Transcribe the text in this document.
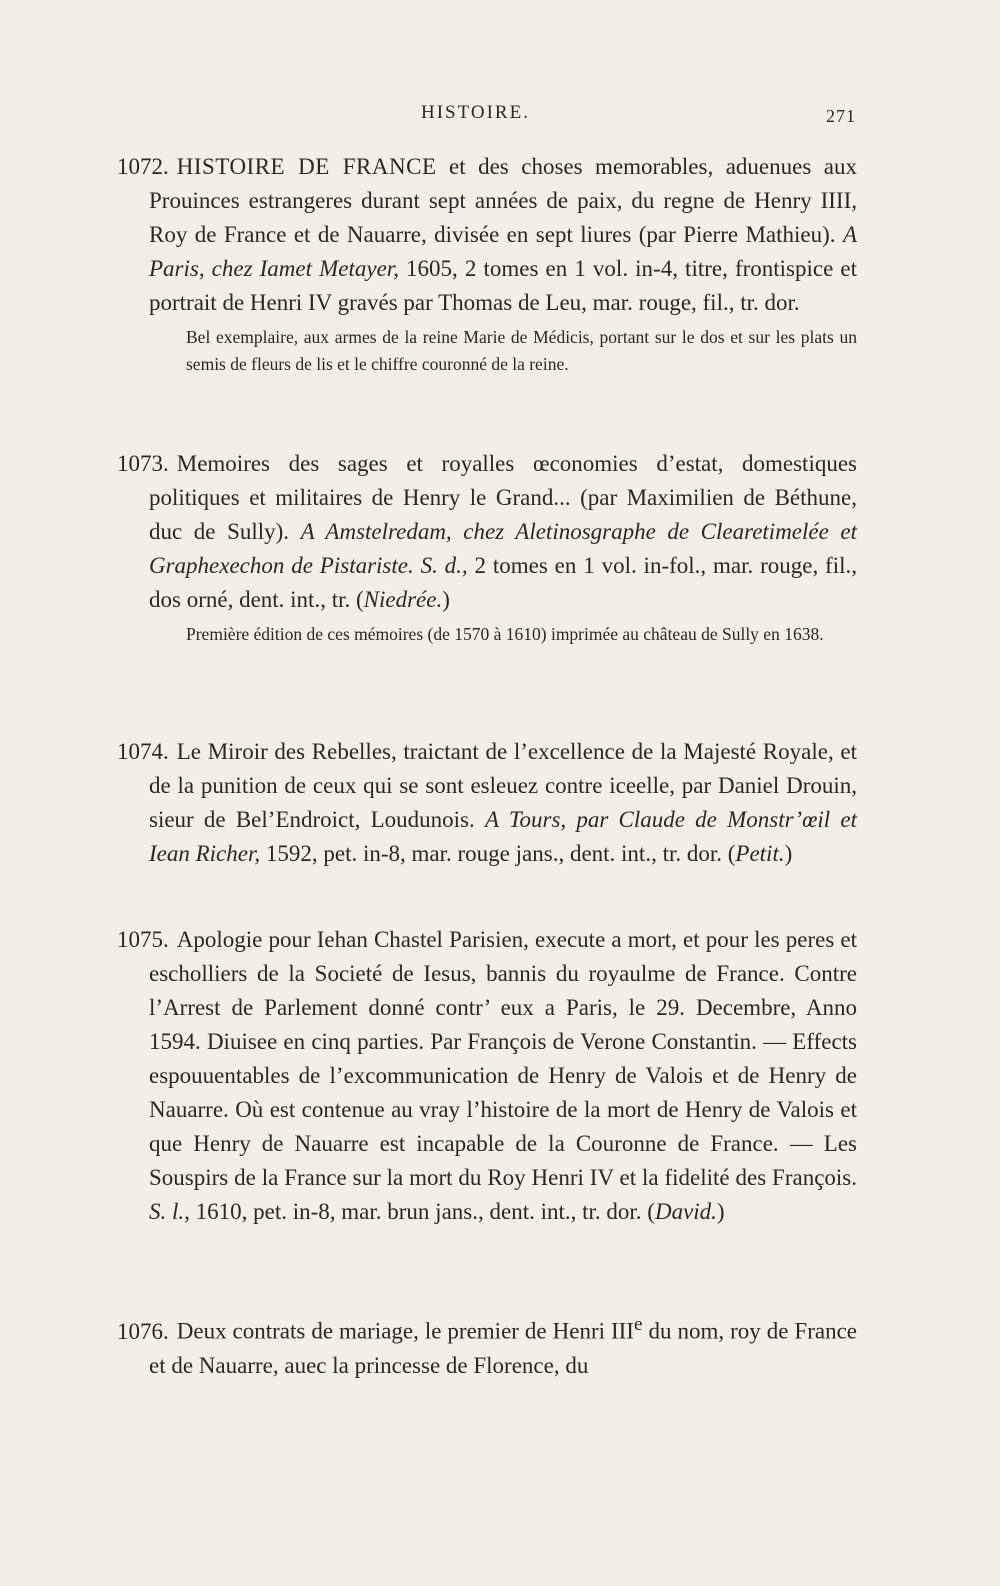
HISTOIRE.	271
1072. HISTOIRE DE FRANCE et des choses memorables, aduenues aux Prouinces estrangeres durant sept années de paix, du regne de Henry IIII, Roy de France et de Nauarre, divisée en sept liures (par Pierre Mathieu). A Paris, chez Iamet Metayer, 1605, 2 tomes en 1 vol. in-4, titre, frontispice et portrait de Henri IV gravés par Thomas de Leu, mar. rouge, fil., tr. dor.
Bel exemplaire, aux armes de la reine Marie de Médicis, portant sur le dos et sur les plats un semis de fleurs de lis et le chiffre couronné de la reine.
1073. Memoires des sages et royalles œconomies d’estat, domestiques politiques et militaires de Henry le Grand... (par Maximilien de Béthune, duc de Sully). A Amstelredam, chez Aletinosgraphe de Clearetimelée et Graphexechon de Pistariste. S. d., 2 tomes en 1 vol. in-fol., mar. rouge, fil., dos orné, dent. int., tr. (Niedrée.)
Première édition de ces mémoires (de 1570 à 1610) imprimée au château de Sully en 1638.
1074. Le Miroir des Rebelles, traictant de l’excellence de la Majesté Royale, et de la punition de ceux qui se sont esleuez contre iceelle, par Daniel Drouin, sieur de Bel’Endroict, Loudunois. A Tours, par Claude de Monstr’œil et Iean Richer, 1592, pet. in-8, mar. rouge jans., dent. int., tr. dor. (Petit.)
1075. Apologie pour Iehan Chastel Parisien, execute a mort, et pour les peres et escholliers de la Societé de Iesus, bannis du royaulme de France. Contre l’Arrest de Parlement donné contr’ eux a Paris, le 29. Decembre, Anno 1594. Diuisee en cinq parties. Par François de Verone Constantin. — Effects espouuentables de l’excommunication de Henry de Valois et de Henry de Nauarre. Où est contenue au vray l’histoire de la mort de Henry de Valois et que Henry de Nauarre est incapable de la Couronne de France. — Les Souspirs de la France sur la mort du Roy Henri IV et la fidelité des François. S. l., 1610, pet. in-8, mar. brun jans., dent. int., tr. dor. (David.)
1076. Deux contrats de mariage, le premier de Henri IIIe du nom, roy de France et de Nauarre, auec la princesse de Florence, du
